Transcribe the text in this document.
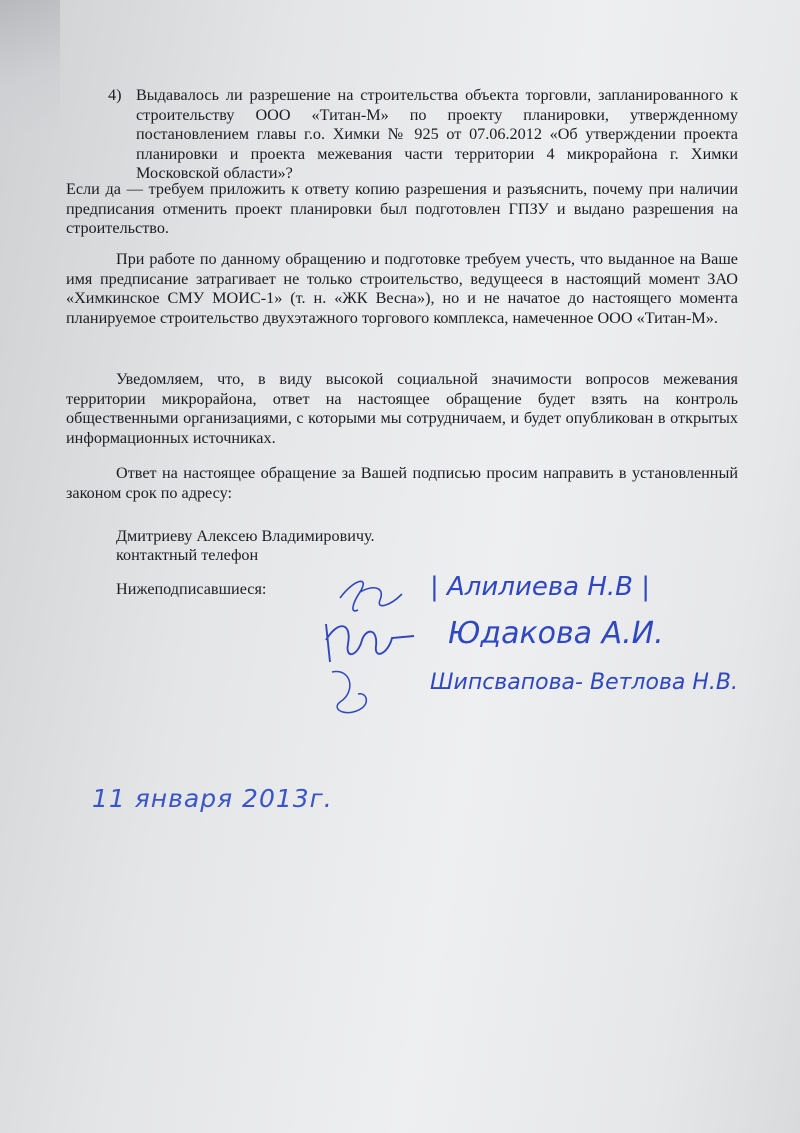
4) Выдавалось ли разрешение на строительства объекта торговли, запланированного к строительству ООО «Титан-М» по проекту планировки, утвержденному постановлением главы г.о. Химки № 925 от 07.06.2012 «Об утверждении проекта планировки и проекта межевания части территории 4 микрорайона г. Химки Московской области»?

Если да — требуем приложить к ответу копию разрешения и разъяснить, почему при наличии предписания отменить проект планировки был подготовлен ГПЗУ и выдано разрешения на строительство.

При работе по данному обращению и подготовке требуем учесть, что выданное на Ваше имя предписание затрагивает не только строительство, ведущееся в настоящий момент ЗАО «Химкинское СМУ МОИС-1» (т. н. «ЖК Весна»), но и не начатое до настоящего момента планируемое строительство двухэтажного торгового комплекса, намеченное ООО «Титан-М».

Уведомляем, что, в виду высокой социальной значимости вопросов межевания территории микрорайона, ответ на настоящее обращение будет взять на контроль общественными организациями, с которыми мы сотрудничаем, и будет опубликован в открытых информационных источниках.

Ответ на настоящее обращение за Вашей подписью просим направить в установленный законом срок по адресу:

Дмитриеву Алексею Владимировичу.
контактный телефон
Нижеподписавшиеся:	| Алилиева Н.В |
Юдакова А.И.
Шипсвапова- Ветлова Н.В.
11 января 2013г.
